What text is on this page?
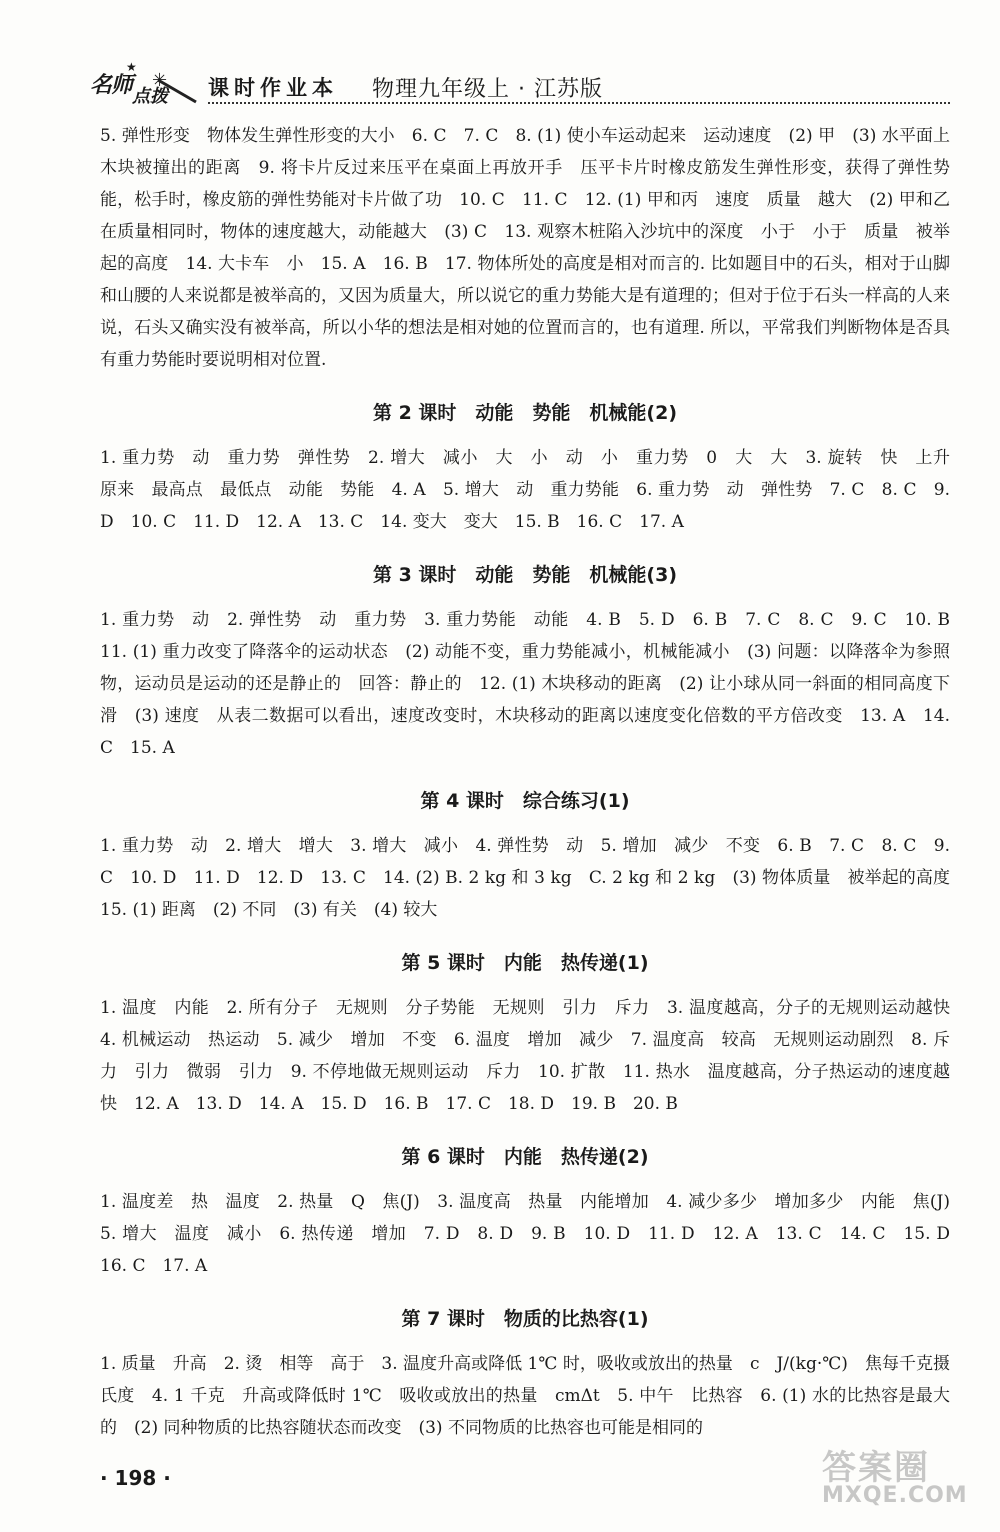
名师 点拨
★
✳ 课时作业本 物理九年级上 · 江苏版

5. 弹性形变　物体发生弹性形变的大小　6. C　7. C　8. (1) 使小车运动起来　运动速度　(2) 甲　(3) 水平面上木块被撞出的距离　9. 将卡片反过来压平在桌面上再放开手　压平卡片时橡皮筋发生弹性形变，获得了弹性势能，松手时，橡皮筋的弹性势能对卡片做了功　10. C　11. C　12. (1) 甲和丙　速度　质量　越大　(2) 甲和乙　在质量相同时，物体的速度越大，动能越大　(3) C　13. 观察木桩陷入沙坑中的深度　小于　小于　质量　被举起的高度　14. 大卡车　小　15. A　16. B　17. 物体所处的高度是相对而言的. 比如题目中的石头，相对于山脚和山腰的人来说都是被举高的，又因为质量大，所以说它的重力势能大是有道理的；但对于位于石头一样高的人来说，石头又确实没有被举高，所以小华的想法是相对她的位置而言的，也有道理. 所以，平常我们判断物体是否具有重力势能时要说明相对位置.

第 2 课时　动能　势能　机械能(2)

1. 重力势　动　重力势　弹性势　2. 增大　减小　大　小　动　小　重力势　0　大　大　3. 旋转　快　上升　原来　最高点　最低点　动能　势能　4. A　5. 增大　动　重力势能　6. 重力势　动　弹性势　7. C　8. C　9. D　10. C　11. D　12. A　13. C　14. 变大　变大　15. B　16. C　17. A

第 3 课时　动能　势能　机械能(3)

1. 重力势　动　2. 弹性势　动　重力势　3. 重力势能　动能　4. B　5. D　6. B　7. C　8. C　9. C　10. B　11. (1) 重力改变了降落伞的运动状态　(2) 动能不变，重力势能减小，机械能减小　(3) 问题：以降落伞为参照物，运动员是运动的还是静止的　回答：静止的　12. (1) 木块移动的距离　(2) 让小球从同一斜面的相同高度下滑　(3) 速度　从表二数据可以看出，速度改变时，木块移动的距离以速度变化倍数的平方倍改变　13. A　14. C　15. A

第 4 课时　综合练习(1)

1. 重力势　动　2. 增大　增大　3. 增大　减小　4. 弹性势　动　5. 增加　减少　不变　6. B　7. C　8. C　9. C　10. D　11. D　12. D　13. C　14. (2) B. 2 kg 和 3 kg　C. 2 kg 和 2 kg　(3) 物体质量　被举起的高度　15. (1) 距离　(2) 不同　(3) 有关　(4) 较大

第 5 课时　内能　热传递(1)

1. 温度　内能　2. 所有分子　无规则　分子势能　无规则　引力　斥力　3. 温度越高，分子的无规则运动越快　4. 机械运动　热运动　5. 减少　增加　不变　6. 温度　增加　减少　7. 温度高　较高　无规则运动剧烈　8. 斥力　引力　微弱　引力　9. 不停地做无规则运动　斥力　10. 扩散　11. 热水　温度越高，分子热运动的速度越快　12. A　13. D　14. A　15. D　16. B　17. C　18. D　19. B　20. B

第 6 课时　内能　热传递(2)

1. 温度差　热　温度　2. 热量　Q　焦(J)　3. 温度高　热量　内能增加　4. 减少多少　增加多少　内能　焦(J)　5. 增大　温度　减小　6. 热传递　增加　7. D　8. D　9. B　10. D　11. D　12. A　13. C　14. C　15. D　16. C　17. A

第 7 课时　物质的比热容(1)

1. 质量　升高　2. 烫　相等　高于　3. 温度升高或降低 1℃ 时，吸收或放出的热量　c　J/(kg·℃)　焦每千克摄氏度　4. 1 千克　升高或降低时 1℃　吸收或放出的热量　cmΔt　5. 中午　比热容　6. (1) 水的比热容是最大的　(2) 同种物质的比热容随状态而改变　(3) 不同物质的比热容也可能是相同的

· 198 ·	答案圈
MXQE.COM
